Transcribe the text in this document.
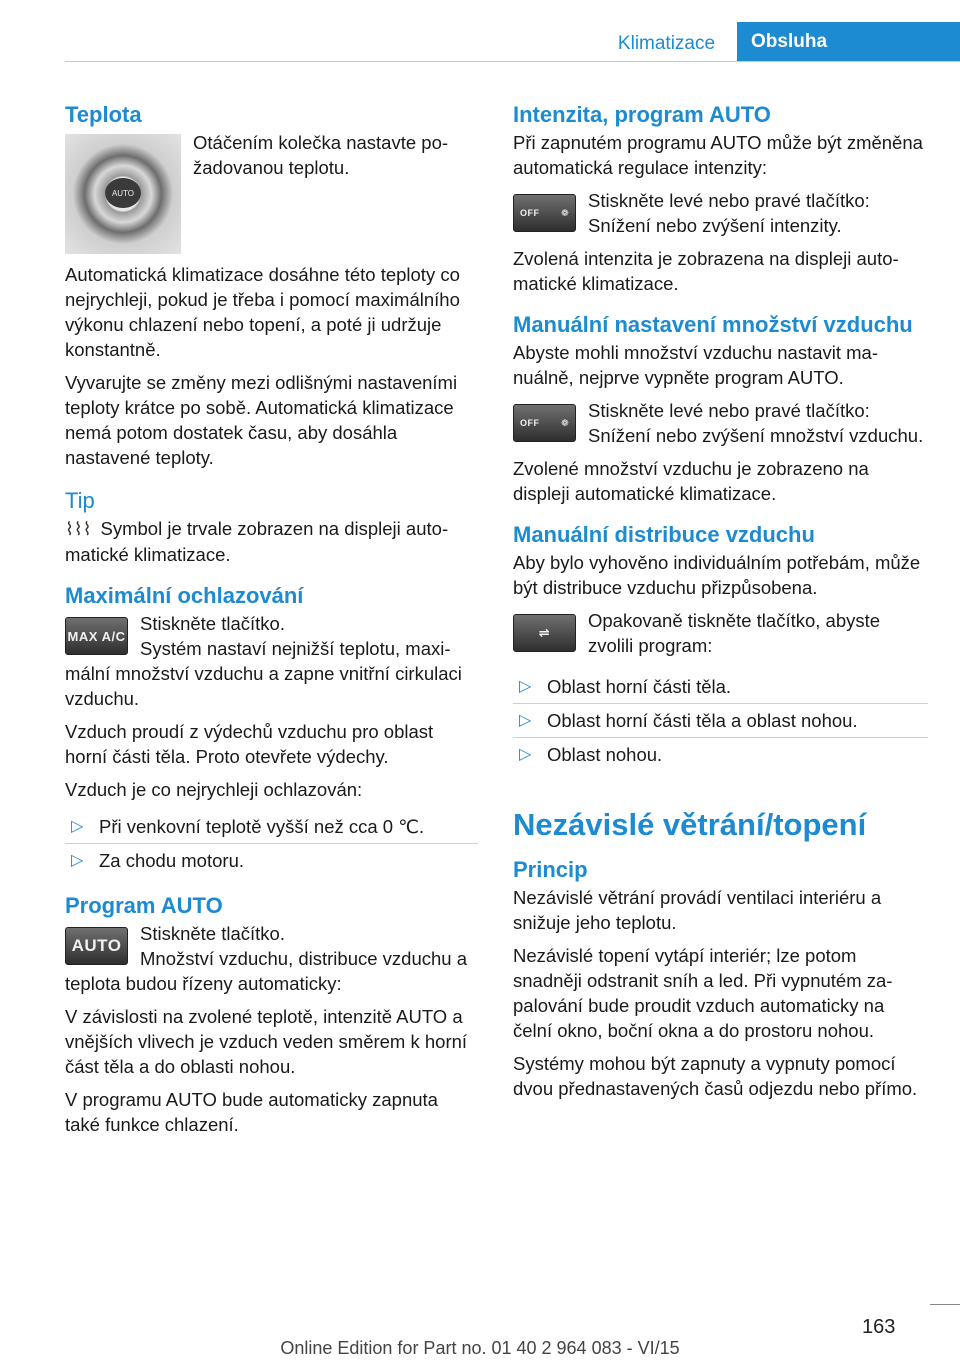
Klimatizace	Obsluha
Teplota
AUTO

Otáčením kolečka nastavte požadovanou teplotu.

Automatická klimatizace dosáhne této teploty co nejrychleji, pokud je třeba i pomocí maximálního výkonu chlazení nebo topení, a poté ji udržuje konstantně.

Vyvarujte se změny mezi odlišnými nastaveními teploty krátce po sobě. Automatická klimatizace nemá potom dostatek času, aby dosáhla nastavené teploty.

Tip

⌇⌇⌇ Symbol je trvale zobrazen na displeji automatické klimatizace.

Maximální ochlazování
MAX A/C

Stiskněte tlačítko.

Systém nastaví nejnižší teplotu, maximální množství vzduchu a zapne vnitřní cirkulaci vzduchu.

Vzduch proudí z výdechů vzduchu pro oblast horní části těla. Proto otevřete výdechy.

Vzduch je co nejrychleji ochlazován:

▷ Při venkovní teplotě vyšší než cca 0 ℃.
▷ Za chodu motoru.
Program AUTO
AUTO

Stiskněte tlačítko.

Množství vzduchu, distribuce vzduchu a teplota budou řízeny automaticky:

V závislosti na zvolené teplotě, intenzitě AUTO a vnějších vlivech je vzduch veden směrem k horní část těla a do oblasti nohou.

V programu AUTO bude automaticky zapnuta také funkce chlazení.

Intenzita, program AUTO

Při zapnutém programu AUTO může být změněna automatická regulace intenzity:

OFF ❁

Stiskněte levé nebo pravé tlačítko: Snížení nebo zvýšení intenzity.

Zvolená intenzita je zobrazena na displeji automatické klimatizace.

Manuální nastavení množství vzduchu

Abyste mohli množství vzduchu nastavit manuálně, nejprve vypněte program AUTO.

OFF ❁

Stiskněte levé nebo pravé tlačítko: Snížení nebo zvýšení množství vzduchu.

Zvolené množství vzduchu je zobrazeno na displeji automatické klimatizace.

Manuální distribuce vzduchu

Aby bylo vyhověno individuálním potřebám, může být distribuce vzduchu přizpůsobena.

⇌

Opakovaně tiskněte tlačítko, abyste zvolili program:

▷ Oblast horní části těla.
▷ Oblast horní části těla a oblast nohou.
▷ Oblast nohou.
Nezávislé větrání/topení
Princip

Nezávislé větrání provádí ventilaci interiéru a snižuje jeho teplotu.

Nezávislé topení vytápí interiér; lze potom snadněji odstranit sníh a led. Při vypnutém zapalování bude proudit vzduch automaticky na čelní okno, boční okna a do prostoru nohou.

Systémy mohou být zapnuty a vypnuty pomocí dvou přednastavených časů odjezdu nebo přímo.

163
Online Edition for Part no. 01 40 2 964 083 - VI/15
